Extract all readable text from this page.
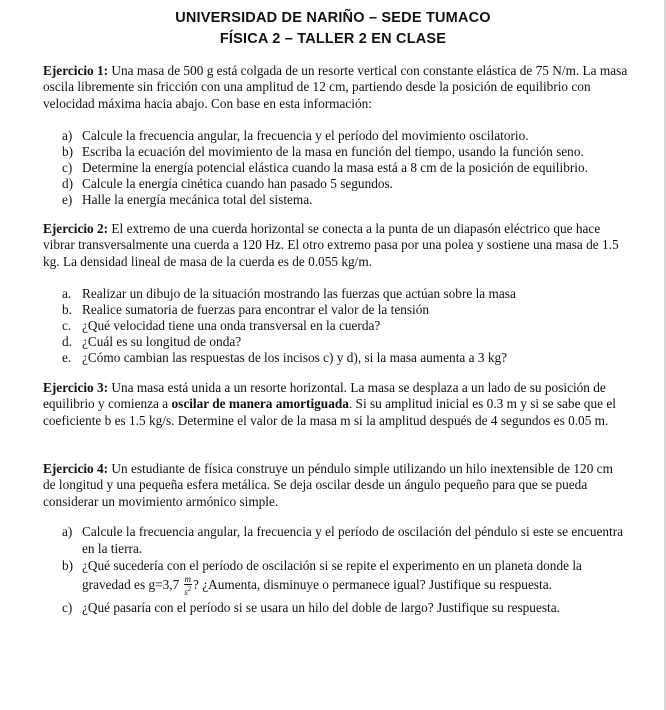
UNIVERSIDAD DE NARIÑO – SEDE TUMACO
FÍSICA 2 – TALLER 2 EN CLASE

Ejercicio 1: Una masa de 500 g está colgada de un resorte vertical con constante elástica de 75 N/m. La masa oscila libremente sin fricción con una amplitud de 12 cm, partiendo desde la posición de equilibrio con velocidad máxima hacia abajo. Con base en esta información:

a) Calcule la frecuencia angular, la frecuencia y el período del movimiento oscilatorio.
b) Escriba la ecuación del movimiento de la masa en función del tiempo, usando la función seno.
c) Determine la energía potencial elástica cuando la masa está a 8 cm de la posición de equilibrio.
d) Calcule la energía cinética cuando han pasado 5 segundos.
e) Halle la energía mecánica total del sistema.

Ejercicio 2: El extremo de una cuerda horizontal se conecta a la punta de un diapasón eléctrico que hace vibrar transversalmente una cuerda a 120 Hz. El otro extremo pasa por una polea y sostiene una masa de 1.5 kg. La densidad lineal de masa de la cuerda es de 0.055 kg/m.

a. Realizar un dibujo de la situación mostrando las fuerzas que actúan sobre la masa
b. Realice sumatoria de fuerzas para encontrar el valor de la tensión
c. ¿Qué velocidad tiene una onda transversal en la cuerda?
d. ¿Cuál es su longitud de onda?
e. ¿Cómo cambian las respuestas de los incisos c) y d), si la masa aumenta a 3 kg?

Ejercicio 3: Una masa está unida a un resorte horizontal. La masa se desplaza a un lado de su posición de equilibrio y comienza a oscilar de manera amortiguada. Si su amplitud inicial es 0.3 m y si se sabe que el coeficiente b es 1.5 kg/s. Determine el valor de la masa m si la amplitud después de 4 segundos es 0.05 m.

Ejercicio 4: Un estudiante de física construye un péndulo simple utilizando un hilo inextensible de 120 cm de longitud y una pequeña esfera metálica. Se deja oscilar desde un ángulo pequeño para que se pueda considerar un movimiento armónico simple.

a) Calcule la frecuencia angular, la frecuencia y el período de oscilación del péndulo si este se encuentra en la tierra.
b) ¿Qué sucedería con el período de oscilación si se repite el experimento en un planeta donde la gravedad es $g=3,7 \frac{m}{s^2}$ ? ¿Aumenta, disminuye o permanece igual? Justifique su respuesta.
c) ¿Qué pasaría con el período si se usara un hilo del doble de largo? Justifique su respuesta.
